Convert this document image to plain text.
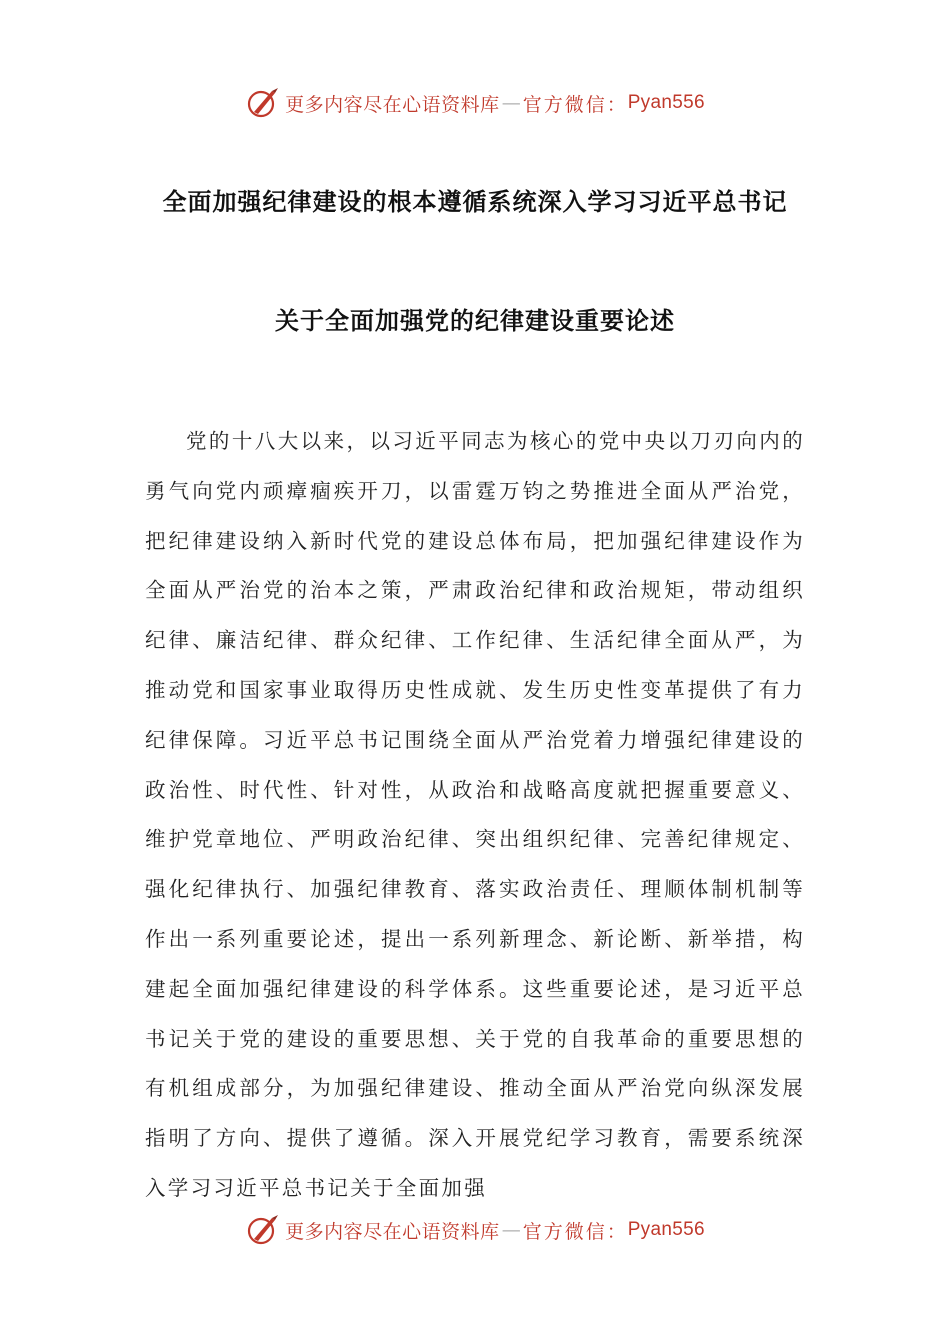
更多内容尽在心语资料库 — 官方微信： Pyan556
全面加强纪律建设的根本遵循系统深入学习习近平总书记
关于全面加强党的纪律建设重要论述

党的十八大以来，以习近平同志为核心的党中央以刀刃向内的勇气向党内顽瘴痼疾开刀，以雷霆万钧之势推进全面从严治党，把纪律建设纳入新时代党的建设总体布局，把加强纪律建设作为全面从严治党的治本之策，严肃政治纪律和政治规矩，带动组织纪律、廉洁纪律、群众纪律、工作纪律、生活纪律全面从严，为推动党和国家事业取得历史性成就、发生历史性变革提供了有力纪律保障。习近平总书记围绕全面从严治党着力增强纪律建设的政治性、时代性、针对性，从政治和战略高度就把握重要意义、维护党章地位、严明政治纪律、突出组织纪律、完善纪律规定、强化纪律执行、加强纪律教育、落实政治责任、理顺体制机制等作出一系列重要论述，提出一系列新理念、新论断、新举措，构建起全面加强纪律建设的科学体系。这些重要论述，是习近平总书记关于党的建设的重要思想、关于党的自我革命的重要思想的有机组成部分，为加强纪律建设、推动全面从严治党向纵深发展指明了方向、提供了遵循。深入开展党纪学习教育，需要系统深入学习习近平总书记关于全面加强

更多内容尽在心语资料库 — 官方微信： Pyan556
